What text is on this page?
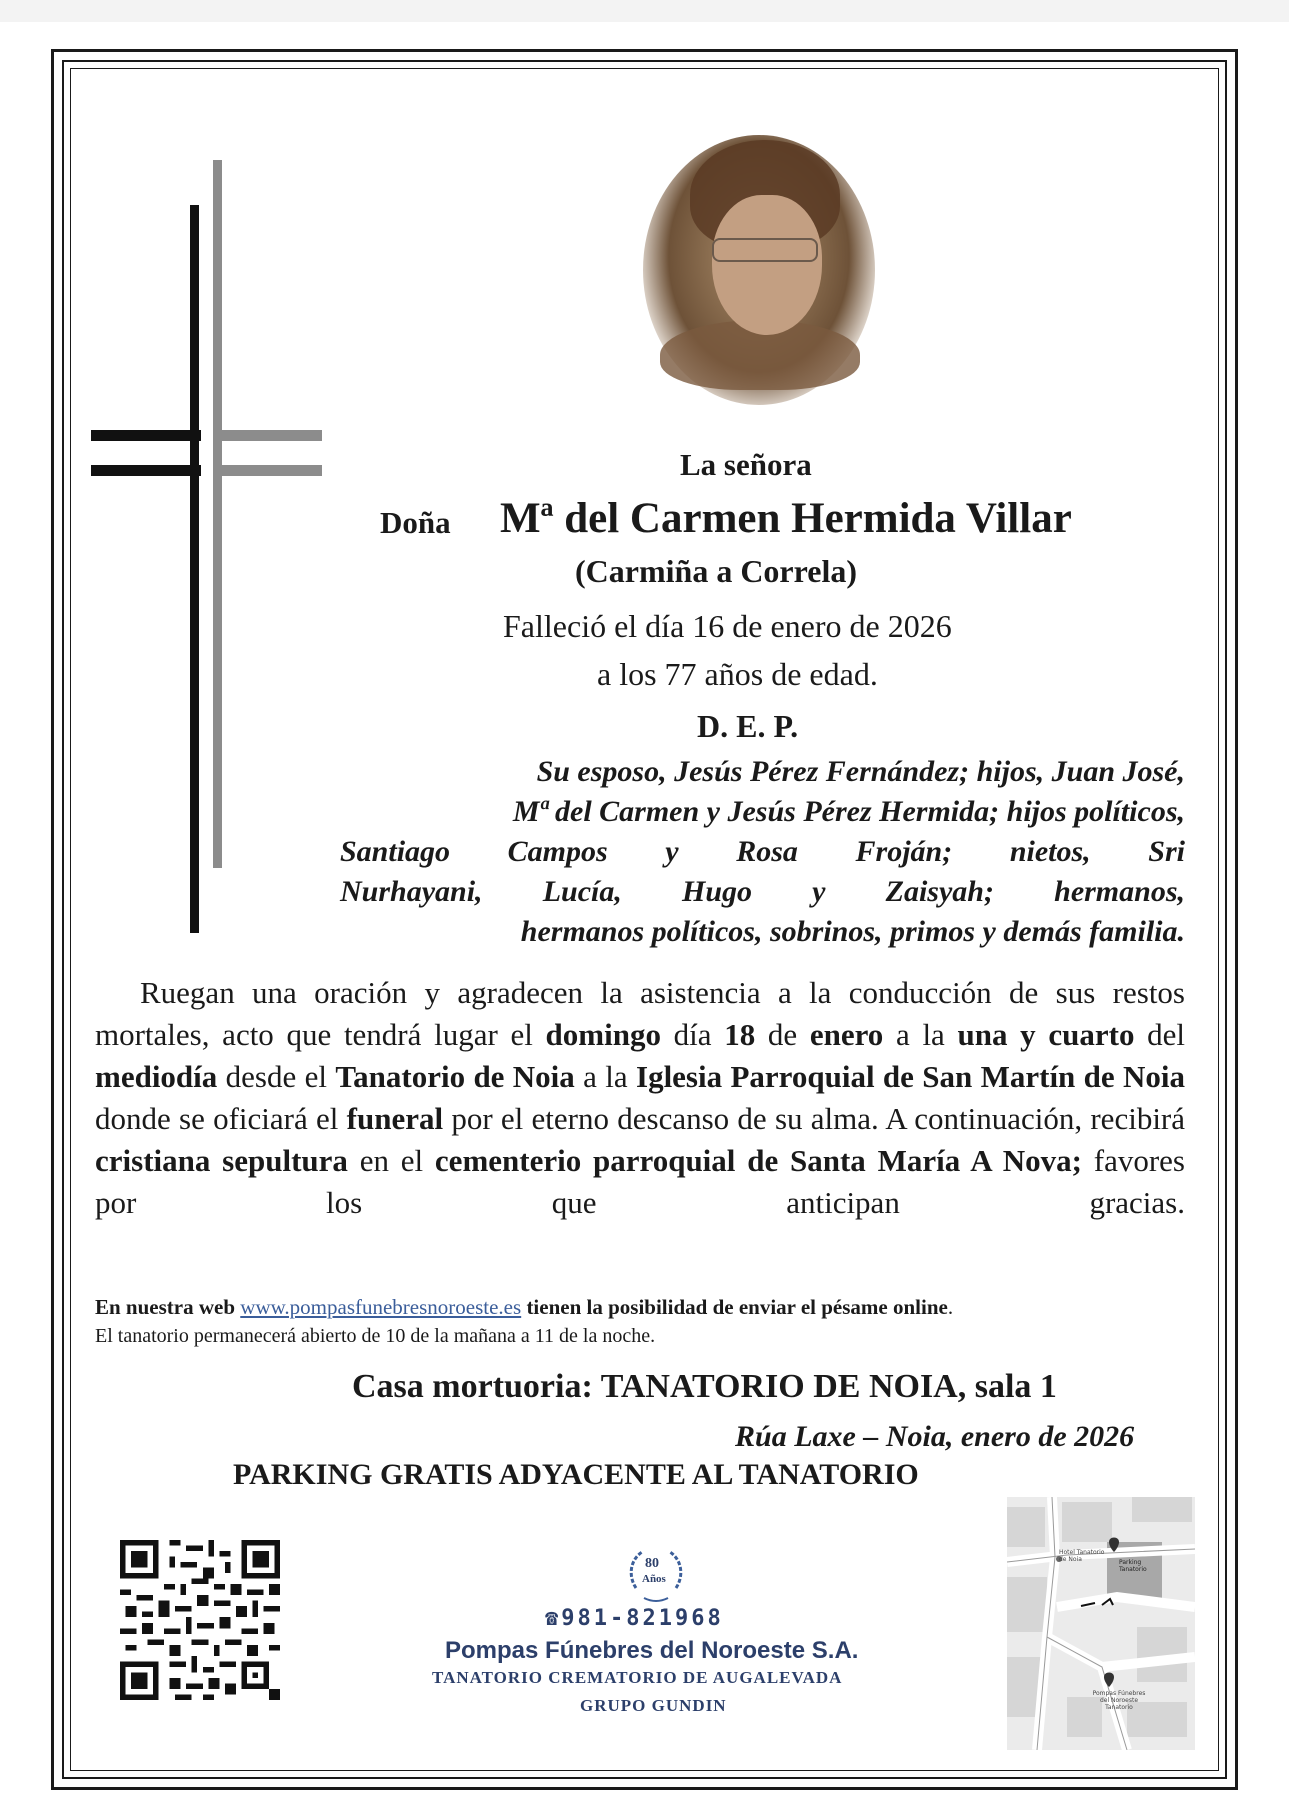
La señora

Doña Mª del Carmen Hermida Villar

(Carmiña a Correla)

Falleció el día 16 de enero de 2026

a los 77 años de edad.

D. E. P.

Su esposo, Jesús Pérez Fernández; hijos, Juan José,

Mª del Carmen y Jesús Pérez Hermida; hijos políticos,

Santiago Campos y Rosa Froján; nietos, Sri

Nurhayani, Lucía, Hugo y Zaisyah; hermanos,

hermanos políticos, sobrinos, primos y demás familia.

Ruegan una oración y agradecen la asistencia a la conducción de sus restos mortales, acto que tendrá lugar el domingo día 18 de enero a la una y cuarto del mediodía desde el Tanatorio de Noia a la Iglesia Parroquial de San Martín de Noia donde se oficiará el funeral por el eterno descanso de su alma. A continuación, recibirá cristiana sepultura en el cementerio parroquial de Santa María A Nova; favores por los que anticipan gracias.

En nuestra web www.pompasfunebresnoroeste.es tienen la posibilidad de enviar el pésame online.

El tanatorio permanecerá abierto de 10 de la mañana a 11 de la noche.

Casa mortuoria: TANATORIO DE NOIA, sala 1

Rúa Laxe – Noia, enero de 2026

PARKING GRATIS ADYACENTE AL TANATORIO

80

Años

☎981-821968

Pompas Fúnebres del Noroeste S.A.

TANATORIO CREMATORIO DE AUGALEVADA

GRUPO GUNDIN

Hotel Tanatorio de Noia	Parking Tanatorio
Pompas Fúnebres del Noroeste Tanatorio
